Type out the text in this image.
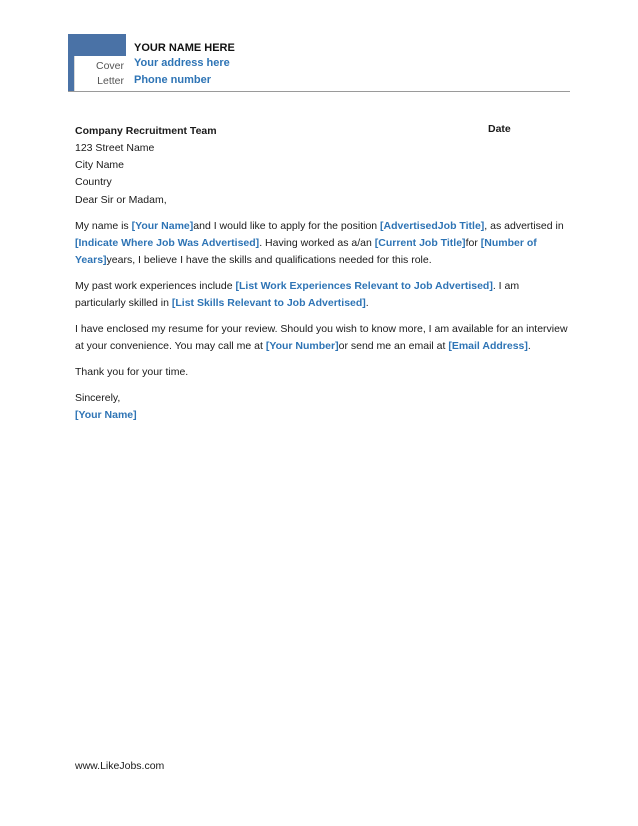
Cover
Letter
YOUR NAME HERE
Your address here
Phone number
Company Recruitment Team
123 Street Name
City Name
Country
Date

Dear Sir or Madam,

My name is [Your Name]and I would like to apply for the position [AdvertisedJob Title], as advertised in [Indicate Where Job Was Advertised]. Having worked as a/an [Current Job Title]for [Number of Years]years, I believe I have the skills and qualifications needed for this role.

My past work experiences include [List Work Experiences Relevant to Job Advertised]. I am particularly skilled in [List Skills Relevant to Job Advertised].

I have enclosed my resume for your review. Should you wish to know more, I am available for an interview at your convenience. You may call me at [Your Number]or send me an email at [Email Address].

Thank you for your time.

Sincerely,
[Your Name]
www.LikeJobs.com
